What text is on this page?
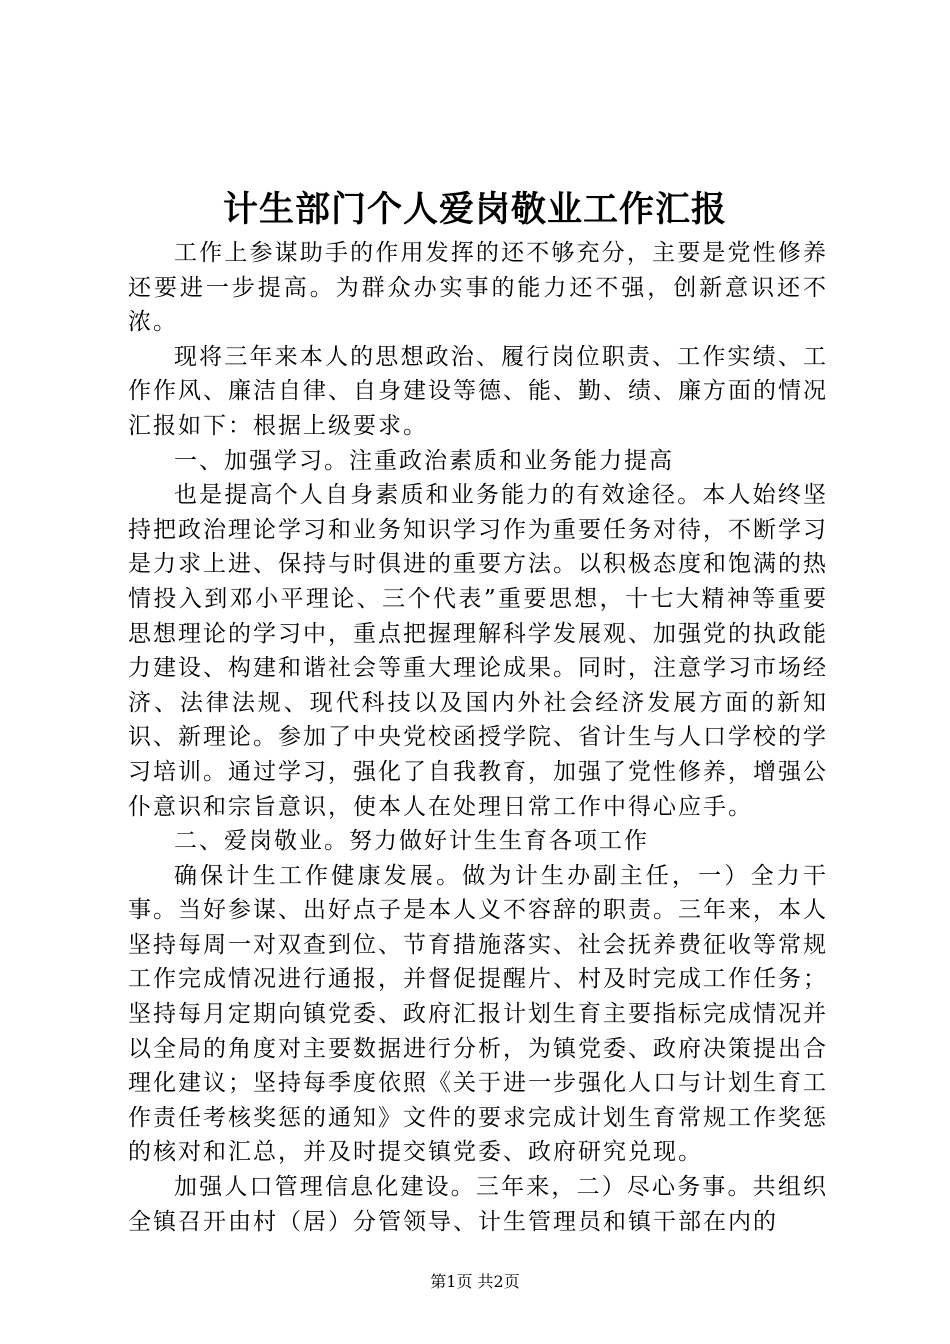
计生部门个人爱岗敬业工作汇报

工作上参谋助手的作用发挥的还不够充分，主要是党性修养还要进一步提高。为群众办实事的能力还不强，创新意识还不浓。

现将三年来本人的思想政治、履行岗位职责、工作实绩、工作作风、廉洁自律、自身建设等德、能、勤、绩、廉方面的情况汇报如下：根据上级要求。

一、加强学习。注重政治素质和业务能力提高

也是提高个人自身素质和业务能力的有效途径。本人始终坚持把政治理论学习和业务知识学习作为重要任务对待，不断学习是力求上进、保持与时俱进的重要方法。以积极态度和饱满的热情投入到邓小平理论、三个代表”重要思想，十七大精神等重要思想理论的学习中，重点把握理解科学发展观、加强党的执政能力建设、构建和谐社会等重大理论成果。同时，注意学习市场经济、法律法规、现代科技以及国内外社会经济发展方面的新知识、新理论。参加了中央党校函授学院、省计生与人口学校的学习培训。通过学习，强化了自我教育，加强了党性修养，增强公仆意识和宗旨意识，使本人在处理日常工作中得心应手。

二、爱岗敬业。努力做好计生生育各项工作

确保计生工作健康发展。做为计生办副主任，一）全力干事。当好参谋、出好点子是本人义不容辞的职责。三年来，本人坚持每周一对双查到位、节育措施落实、社会抚养费征收等常规工作完成情况进行通报，并督促提醒片、村及时完成工作任务；坚持每月定期向镇党委、政府汇报计划生育主要指标完成情况并以全局的角度对主要数据进行分析，为镇党委、政府决策提出合理化建议；坚持每季度依照《关于进一步强化人口与计划生育工作责任考核奖惩的通知》文件的要求完成计划生育常规工作奖惩的核对和汇总，并及时提交镇党委、政府研究兑现。

加强人口管理信息化建设。三年来，二）尽心务事。共组织全镇召开由村（居）分管领导、计生管理员和镇干部在内的

第1页 共2页
